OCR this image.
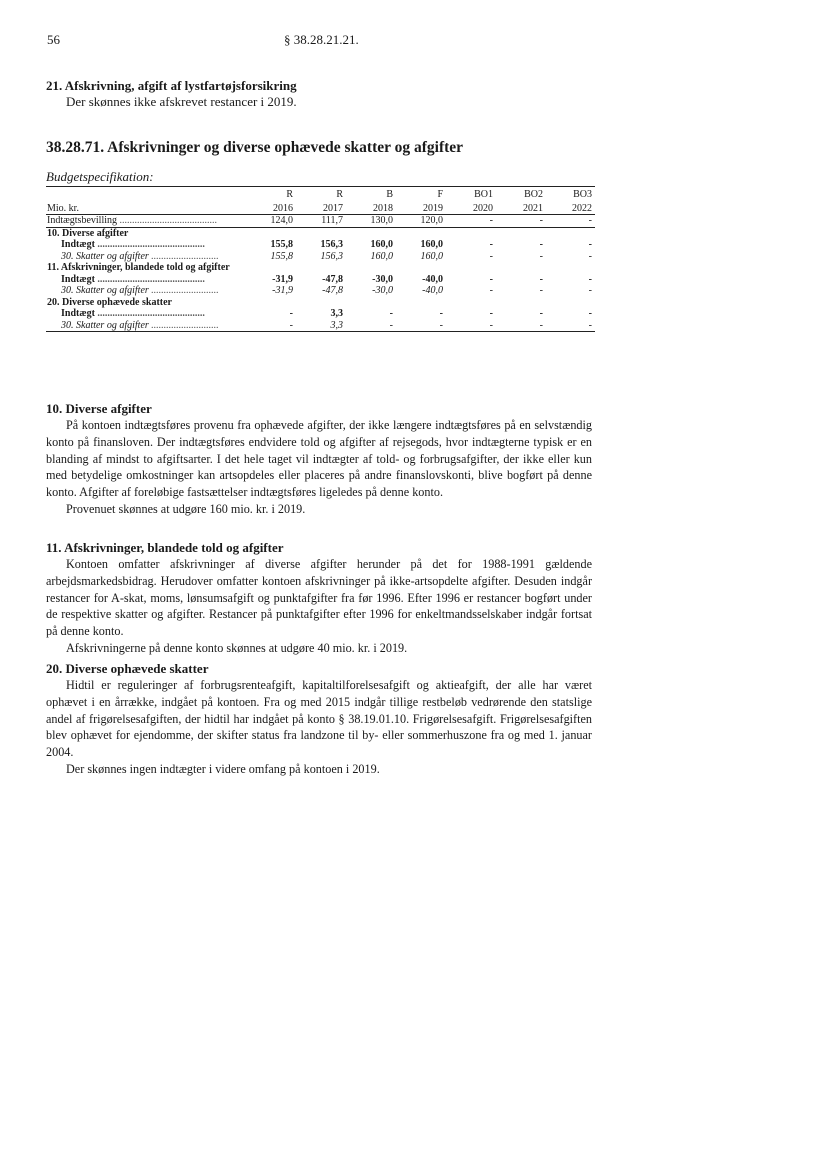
56	§ 38.28.21.21.
21. Afskrivning, afgift af lystfartøjsforsikring
Der skønnes ikke afskrevet restancer i 2019.
38.28.71. Afskrivninger og diverse ophævede skatter og afgifter
Budgetspecifikation:
	R	R	B	F	BO1	BO2	BO3
Mio. kr.	2016	2017	2018	2019	2020	2021	2022
Indtægtsbevilling .......................................	124,0	111,7	130,0	120,0	-	-	-
10. Diverse afgifter							
Indtægt ...........................................	155,8	156,3	160,0	160,0	-	-	-
30. Skatter og afgifter ...........................	155,8	156,3	160,0	160,0	-	-	-
11. Afskrivninger, blandede told og afgifter							
Indtægt ...........................................	-31,9	-47,8	-30,0	-40,0	-	-	-
30. Skatter og afgifter ...........................	-31,9	-47,8	-30,0	-40,0	-	-	-
20. Diverse ophævede skatter							
Indtægt ...........................................	-	3,3	-	-	-	-	-
30. Skatter og afgifter ...........................	-	3,3	-	-	-	-	-
10. Diverse afgifter

På kontoen indtægtsføres provenu fra ophævede afgifter, der ikke længere indtægtsføres på en selvstændig konto på finansloven. Der indtægtsføres endvidere told og afgifter af rejsegods, hvor indtægterne typisk er en blanding af mindst to afgiftsarter. I det hele taget vil indtægter af told- og forbrugsafgifter, der ikke eller kun med betydelige omkostninger kan artsopdeles eller placeres på andre finanslovskonti, blive bogført på denne konto. Afgifter af foreløbige fastsættelser indtægtsføres ligeledes på denne konto.

Provenuet skønnes at udgøre 160 mio. kr. i 2019.

11. Afskrivninger, blandede told og afgifter

Kontoen omfatter afskrivninger af diverse afgifter herunder på det for 1988-1991 gældende arbejdsmarkedsbidrag. Herudover omfatter kontoen afskrivninger på ikke-artsopdelte afgifter. Desuden indgår restancer for A-skat, moms, lønsumsafgift og punktafgifter fra før 1996. Efter 1996 er restancer bogført under de respektive skatter og afgifter. Restancer på punktafgifter efter 1996 for enkeltmandsselskaber indgår fortsat på denne konto.

Afskrivningerne på denne konto skønnes at udgøre 40 mio. kr. i 2019.

20. Diverse ophævede skatter

Hidtil er reguleringer af forbrugsrenteafgift, kapitaltilforelsesafgift og aktieafgift, der alle har været ophævet i en årrække, indgået på kontoen. Fra og med 2015 indgår tillige restbeløb vedrørende den statslige andel af frigørelsesafgiften, der hidtil har indgået på konto § 38.19.01.10. Frigørelsesafgift. Frigørelsesafgiften blev ophævet for ejendomme, der skifter status fra landzone til by- eller sommerhuszone fra og med 1. januar 2004.

Der skønnes ingen indtægter i videre omfang på kontoen i 2019.
